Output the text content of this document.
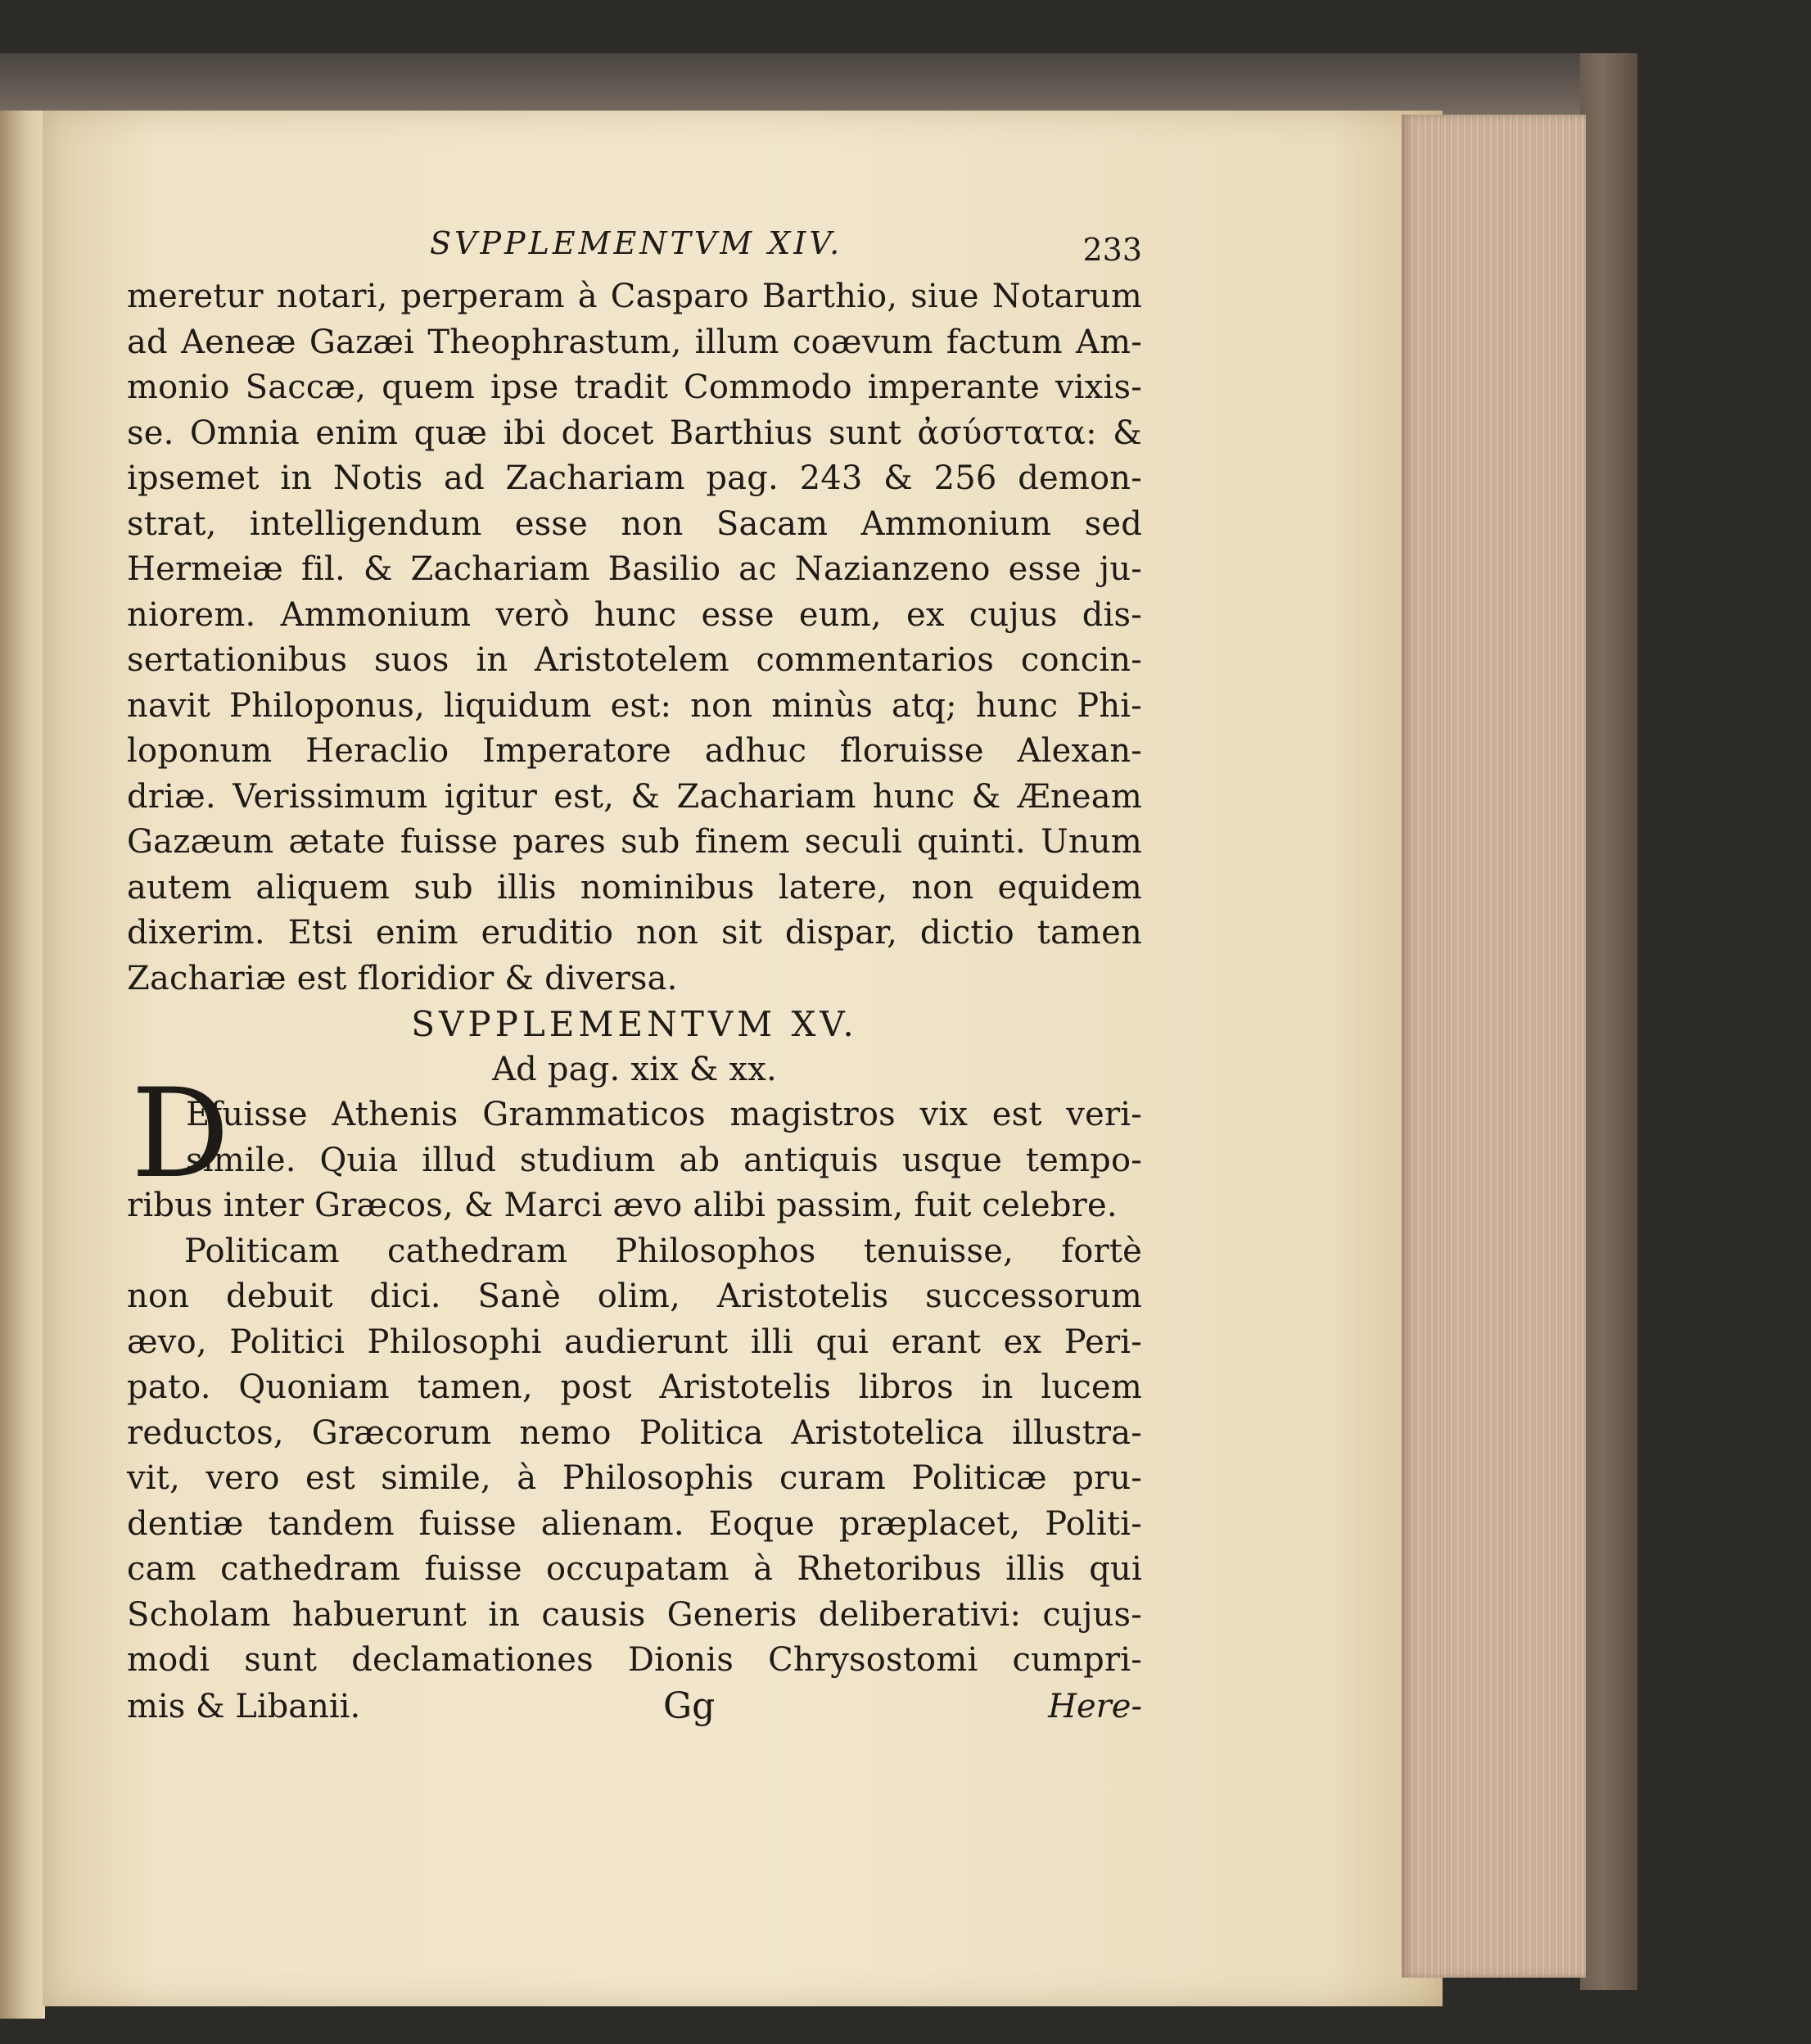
SVPPLEMENTVM XIV.	233
meretur notari, perperam à Casparo Barthio, siue Notarum
ad Aeneæ Gazæi Theophrastum, illum coævum factum Am-
monio Saccæ, quem ipse tradit Commodo imperante vixis-
se. Omnia enim quæ ibi docet Barthius sunt ἀσύστατα: &
ipsemet in Notis ad Zachariam pag. 243 & 256 demon-
strat, intelligendum esse non Sacam Ammonium sed
Hermeiæ fil. & Zachariam Basilio ac Nazianzeno esse ju-
niorem. Ammonium verò hunc esse eum, ex cujus dis-
sertationibus suos in Aristotelem commentarios concin-
navit Philoponus, liquidum est: non minùs atq; hunc Phi-
loponum Heraclio Imperatore adhuc floruisse Alexan-
driæ. Verissimum igitur est, & Zachariam hunc & Æneam
Gazæum ætate fuisse pares sub finem seculi quinti. Unum
autem aliquem sub illis nominibus latere, non equidem
dixerim. Etsi enim eruditio non sit dispar, dictio tamen
Zachariæ est floridior & diversa.
SVPPLEMENTVM XV.
Ad pag. xix & xx.
Efuisse Athenis Grammaticos magistros vix est veri-
simile. Quia illud studium ab antiquis usque tempo-
ribus inter Græcos, & Marci ævo alibi passim, fuit celebre.
Politicam cathedram Philosophos tenuisse, fortè
non debuit dici. Sanè olim, Aristotelis successorum
ævo, Politici Philosophi audierunt illi qui erant ex Peri-
pato. Quoniam tamen, post Aristotelis libros in lucem
reductos, Græcorum nemo Politica Aristotelica illustra-
vit, vero est simile, à Philosophis curam Politicæ pru-
dentiæ tandem fuisse alienam. Eoque præplacet, Politi-
cam cathedram fuisse occupatam à Rhetoribus illis qui
Scholam habuerunt in causis Generis deliberativi: cujus-
modi sunt declamationes Dionis Chrysostomi cumpri-
mis & Libanii.	Gg	Here-
D
